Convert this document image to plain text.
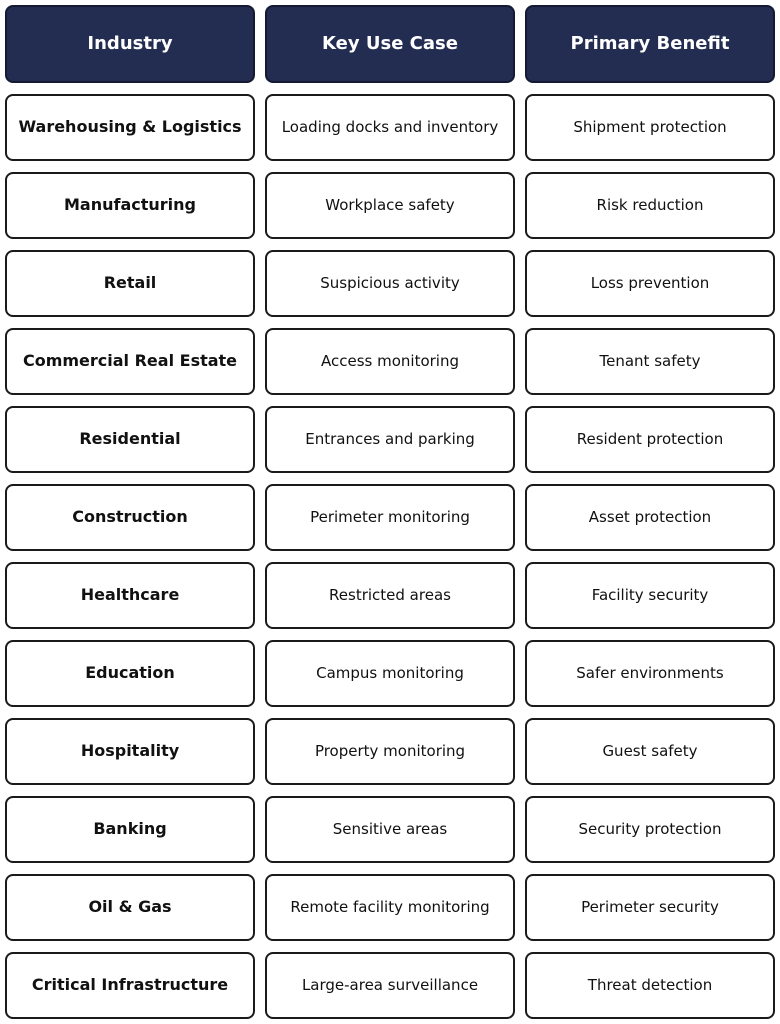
Industry	Key Use Case	Primary Benefit
Warehousing & Logistics	Loading docks and inventory	Shipment protection
Manufacturing	Workplace safety	Risk reduction
Retail	Suspicious activity	Loss prevention
Commercial Real Estate	Access monitoring	Tenant safety
Residential	Entrances and parking	Resident protection
Construction	Perimeter monitoring	Asset protection
Healthcare	Restricted areas	Facility security
Education	Campus monitoring	Safer environments
Hospitality	Property monitoring	Guest safety
Banking	Sensitive areas	Security protection
Oil & Gas	Remote facility monitoring	Perimeter security
Critical Infrastructure	Large-area surveillance	Threat detection
